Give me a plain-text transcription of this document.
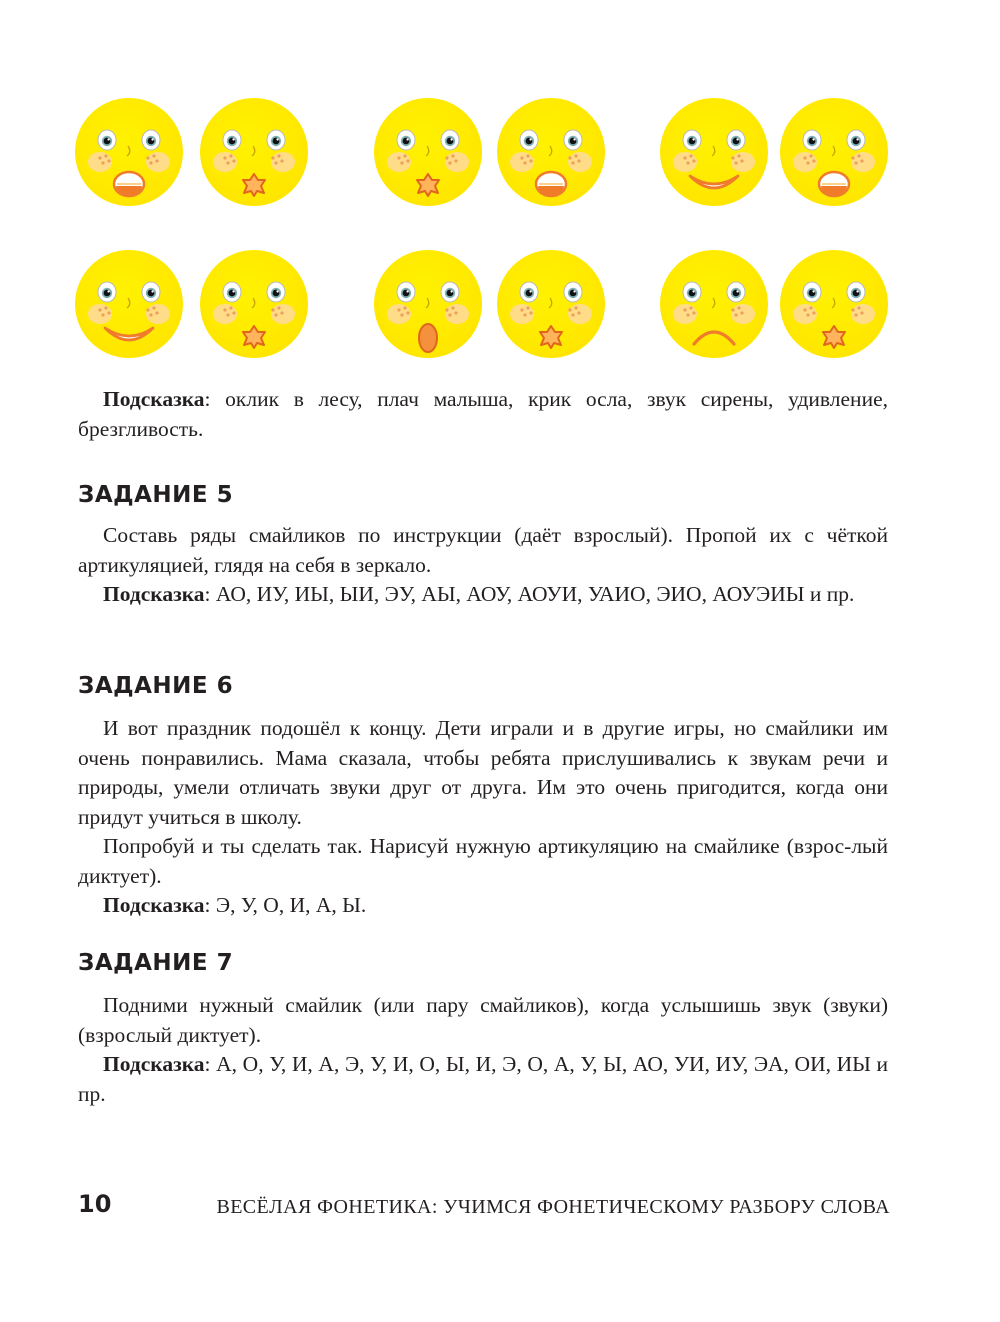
Подсказка: оклик в лесу, плач малыша, крик осла, звук сирены, удивление, брезгливость.

ЗАДАНИЕ 5

Составь ряды смайликов по инструкции (даёт взрослый). Пропой их с чёткой артикуляцией, глядя на себя в зеркало.

Подсказка: АО, ИУ, ИЫ, ЫИ, ЭУ, АЫ, АОУ, АОУИ, УАИО, ЭИО, АОУЭИЫ и пр.

ЗАДАНИЕ 6

И вот праздник подошёл к концу. Дети играли и в другие игры, но смайлики им очень понравились. Мама сказала, чтобы ребята прислушивались к звукам речи и природы, умели отличать звуки друг от друга. Им это очень пригодится, когда они придут учиться в школу.

Попробуй и ты сделать так. Нарисуй нужную артикуляцию на смайлике (взрос-лый диктует).

Подсказка: Э, У, О, И, А, Ы.

ЗАДАНИЕ 7

Подними нужный смайлик (или пару смайликов), когда услышишь звук (звуки) (взрослый диктует).

Подсказка: А, О, У, И, А, Э, У, И, О, Ы, И, Э, О, А, У, Ы, АО, УИ, ИУ, ЭА, ОИ, ИЫ и пр.

10	ВЕСЁЛАЯ ФОНЕТИКА: УЧИМСЯ ФОНЕТИЧЕСКОМУ РАЗБОРУ СЛОВА
